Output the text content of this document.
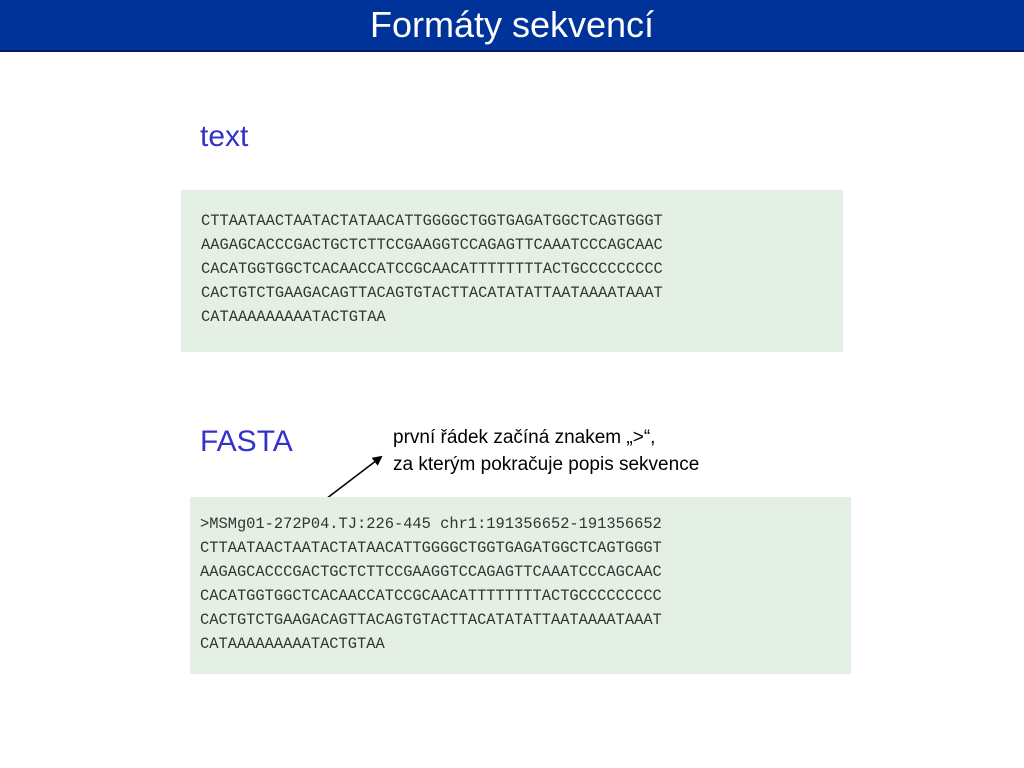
Formáty sekvencí
text
CTTAATAACTAATACTATAACATTGGGGCTGGTGAGATGGCTCAGTGGGT
AAGAGCACCCGACTGCTCTTCCGAAGGTCCAGAGTTCAAATCCCAGCAAC
CACATGGTGGCTCACAACCATCCGCAACATTTTTTTTACTGCCCCCCCCC
CACTGTCTGAAGACAGTTACAGTGTACTTACATATATTAATAAAATAAAT
CATAAAAAAAAATACTGTAA
FASTA	první řádek začíná znakem „>“,
za kterým pokračuje popis sekvence
>MSMg01-272P04.TJ:226-445 chr1:191356652-191356652
CTTAATAACTAATACTATAACATTGGGGCTGGTGAGATGGCTCAGTGGGT
AAGAGCACCCGACTGCTCTTCCGAAGGTCCAGAGTTCAAATCCCAGCAAC
CACATGGTGGCTCACAACCATCCGCAACATTTTTTTTACTGCCCCCCCCC
CACTGTCTGAAGACAGTTACAGTGTACTTACATATATTAATAAAATAAAT
CATAAAAAAAAATACTGTAA
